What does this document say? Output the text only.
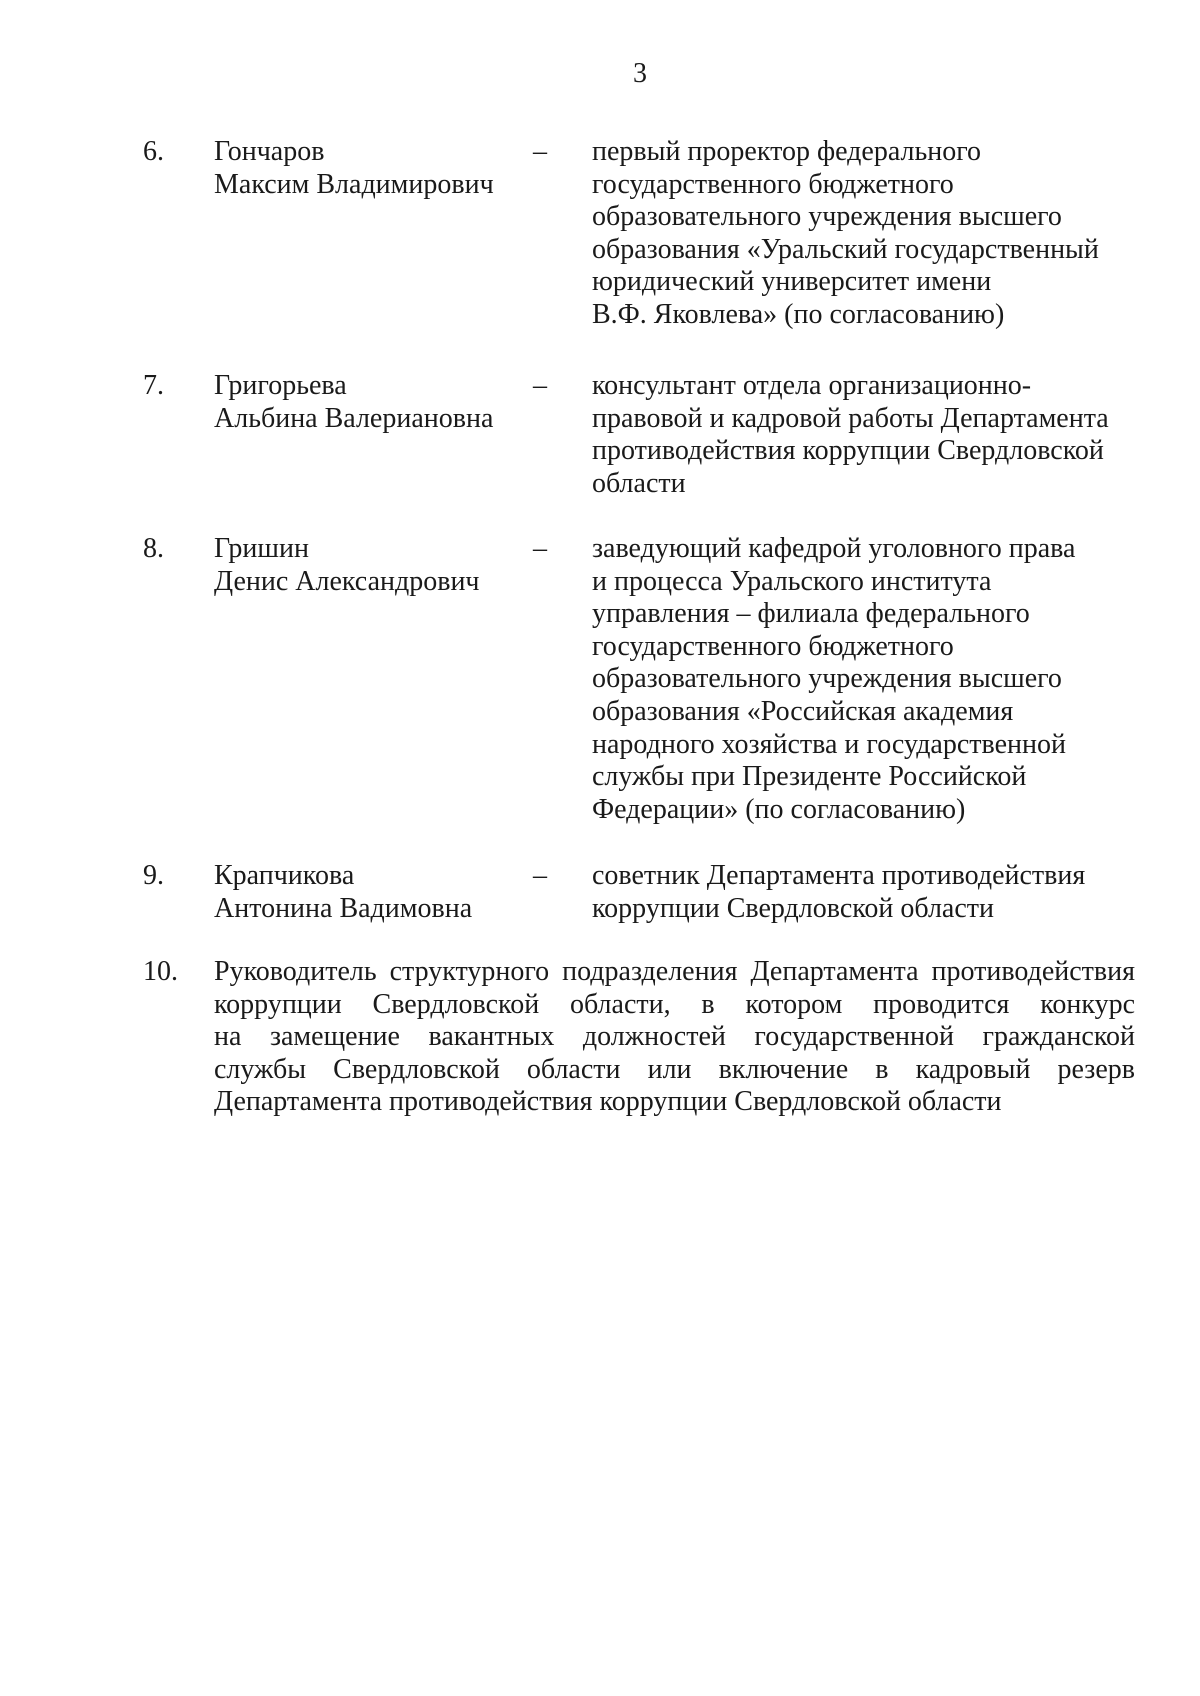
3
6. Гончаров
Максим Владимирович
– первый проректор федерального
государственного бюджетного
образовательного учреждения высшего
образования «Уральский государственный
юридический университет имени
В.Ф. Яковлева» (по согласованию)
7. Григорьева
Альбина Валериановна
– консультант отдела организационно-
правовой и кадровой работы Департамента
противодействия коррупции Свердловской
области
8. Гришин
Денис Александрович
– заведующий кафедрой уголовного права
и процесса Уральского института
управления – филиала федерального
государственного бюджетного
образовательного учреждения высшего
образования «Российская академия
народного хозяйства и государственной
службы при Президенте Российской
Федерации» (по согласованию)
9. Крапчикова
Антонина Вадимовна
– советник Департамента противодействия
коррупции Свердловской области
10. Руководитель структурного подразделения Департамента противодействия
коррупции Свердловской области, в котором проводится конкурс
на замещение вакантных должностей государственной гражданской
службы Свердловской области или включение в кадровый резерв
Департамента противодействия коррупции Свердловской области
